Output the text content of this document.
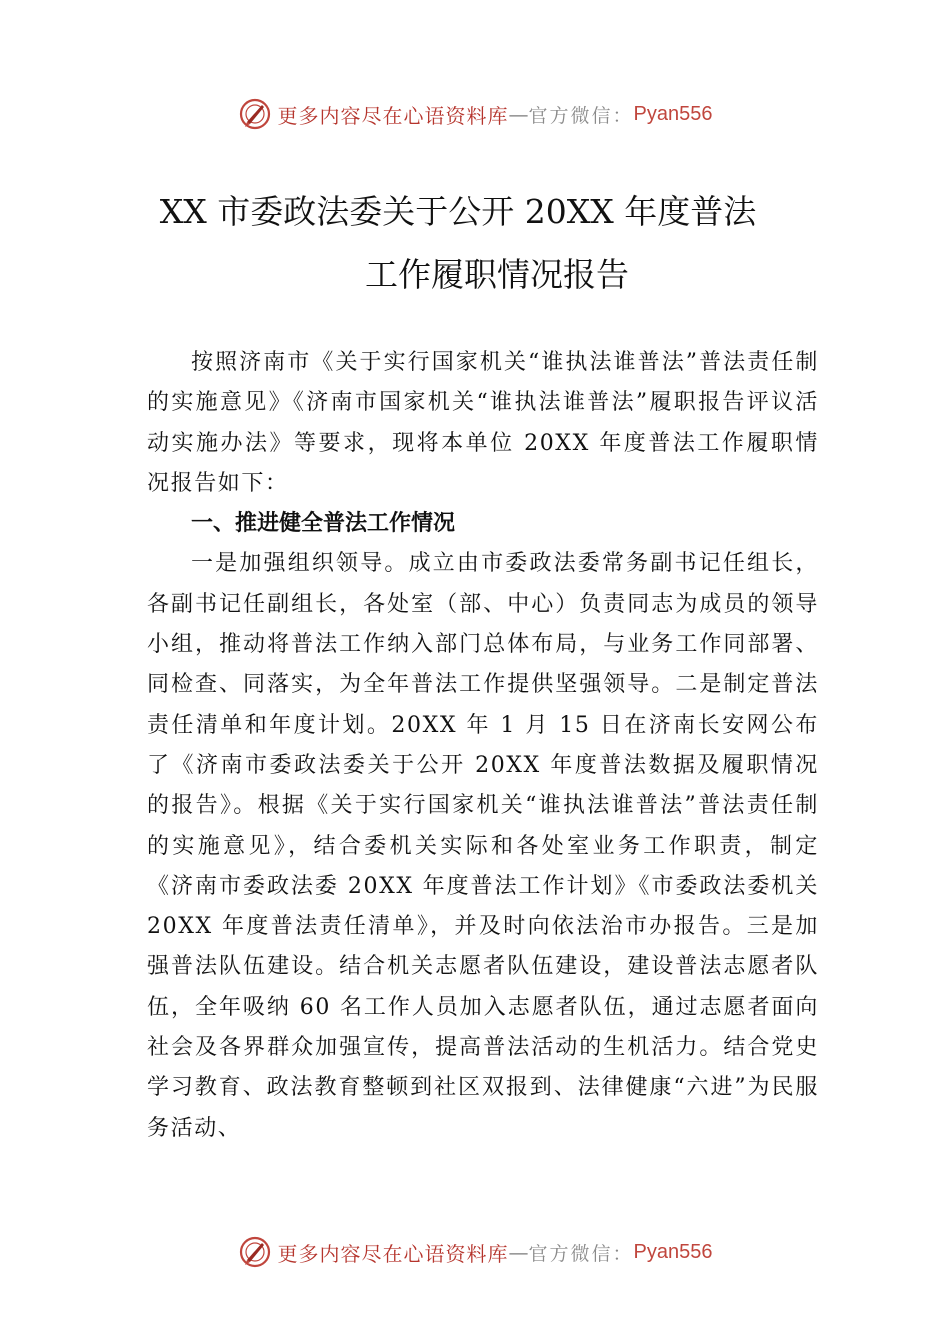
更多内容尽在心语资料库 — 官方微信： Pyan556
XX 市委政法委关于公开 20XX 年度普法
工作履职情况报告

按照济南市《关于实行国家机关“谁执法谁普法”普法责任制的实施意见》《济南市国家机关“谁执法谁普法”履职报告评议活动实施办法》等要求，现将本单位 20XX 年度普法工作履职情况报告如下：

一、推进健全普法工作情况

一是加强组织领导。成立由市委政法委常务副书记任组长，各副书记任副组长，各处室（部、中心）负责同志为成员的领导小组，推动将普法工作纳入部门总体布局，与业务工作同部署、同检查、同落实，为全年普法工作提供坚强领导。二是制定普法责任清单和年度计划。20XX 年 1 月 15 日在济南长安网公布了《济南市委政法委关于公开 20XX 年度普法数据及履职情况的报告》。根据《关于实行国家机关“谁执法谁普法”普法责任制的实施意见》，结合委机关实际和各处室业务工作职责，制定《济南市委政法委 20XX 年度普法工作计划》《市委政法委机关 20XX 年度普法责任清单》，并及时向依法治市办报告。三是加强普法队伍建设。结合机关志愿者队伍建设，建设普法志愿者队伍，全年吸纳 60 名工作人员加入志愿者队伍，通过志愿者面向社会及各界群众加强宣传，提高普法活动的生机活力。结合党史学习教育、政法教育整顿到社区双报到、法律健康“六进”为民服务活动、

更多内容尽在心语资料库 — 官方微信： Pyan556
